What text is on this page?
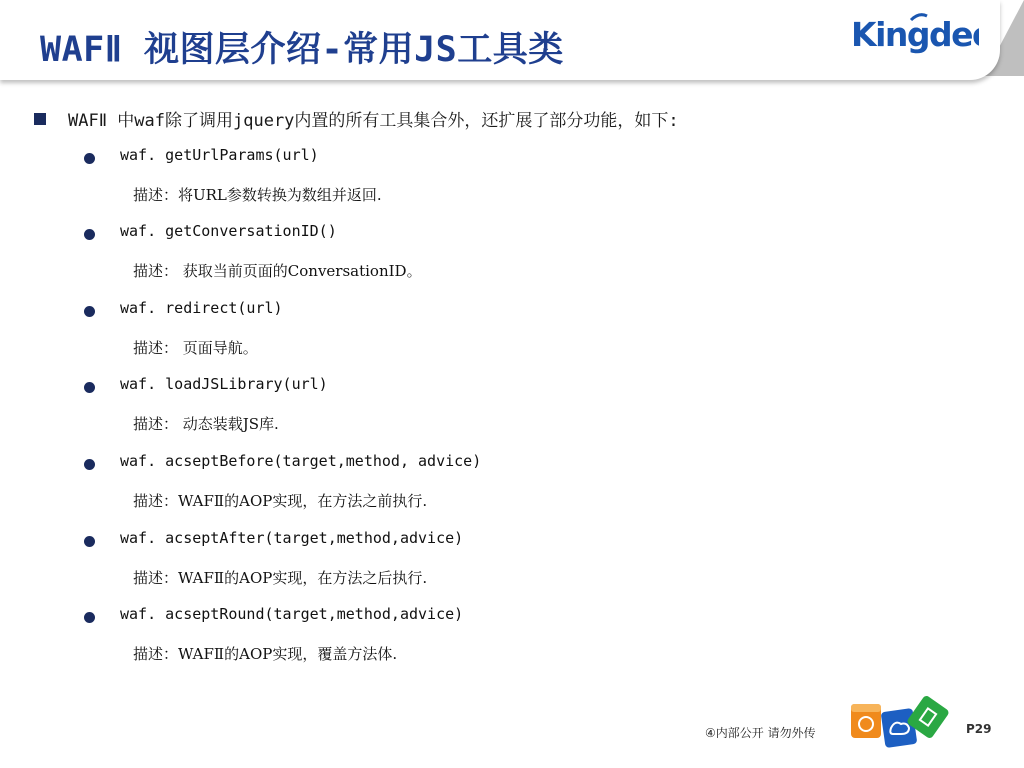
WAFⅡ 视图层介绍-常用JS工具类	Kingdee
WAFⅡ 中waf除了调用jquery内置的所有工具集合外，还扩展了部分功能，如下:
waf. getUrlParams(url)
描述：将URL参数转换为数组并返回.
waf. getConversationID()
描述： 获取当前页面的ConversationID。
waf. redirect(url)
描述： 页面导航。
waf. loadJSLibrary(url)
描述： 动态装载JS库.
waf. acseptBefore(target,method, advice)
描述：WAFⅡ的AOP实现，在方法之前执行.
waf. acseptAfter(target,method,advice)
描述：WAFⅡ的AOP实现，在方法之后执行.
waf. acseptRound(target,method,advice)
描述：WAFⅡ的AOP实现，覆盖方法体.
④内部公开 请勿外传	P29
